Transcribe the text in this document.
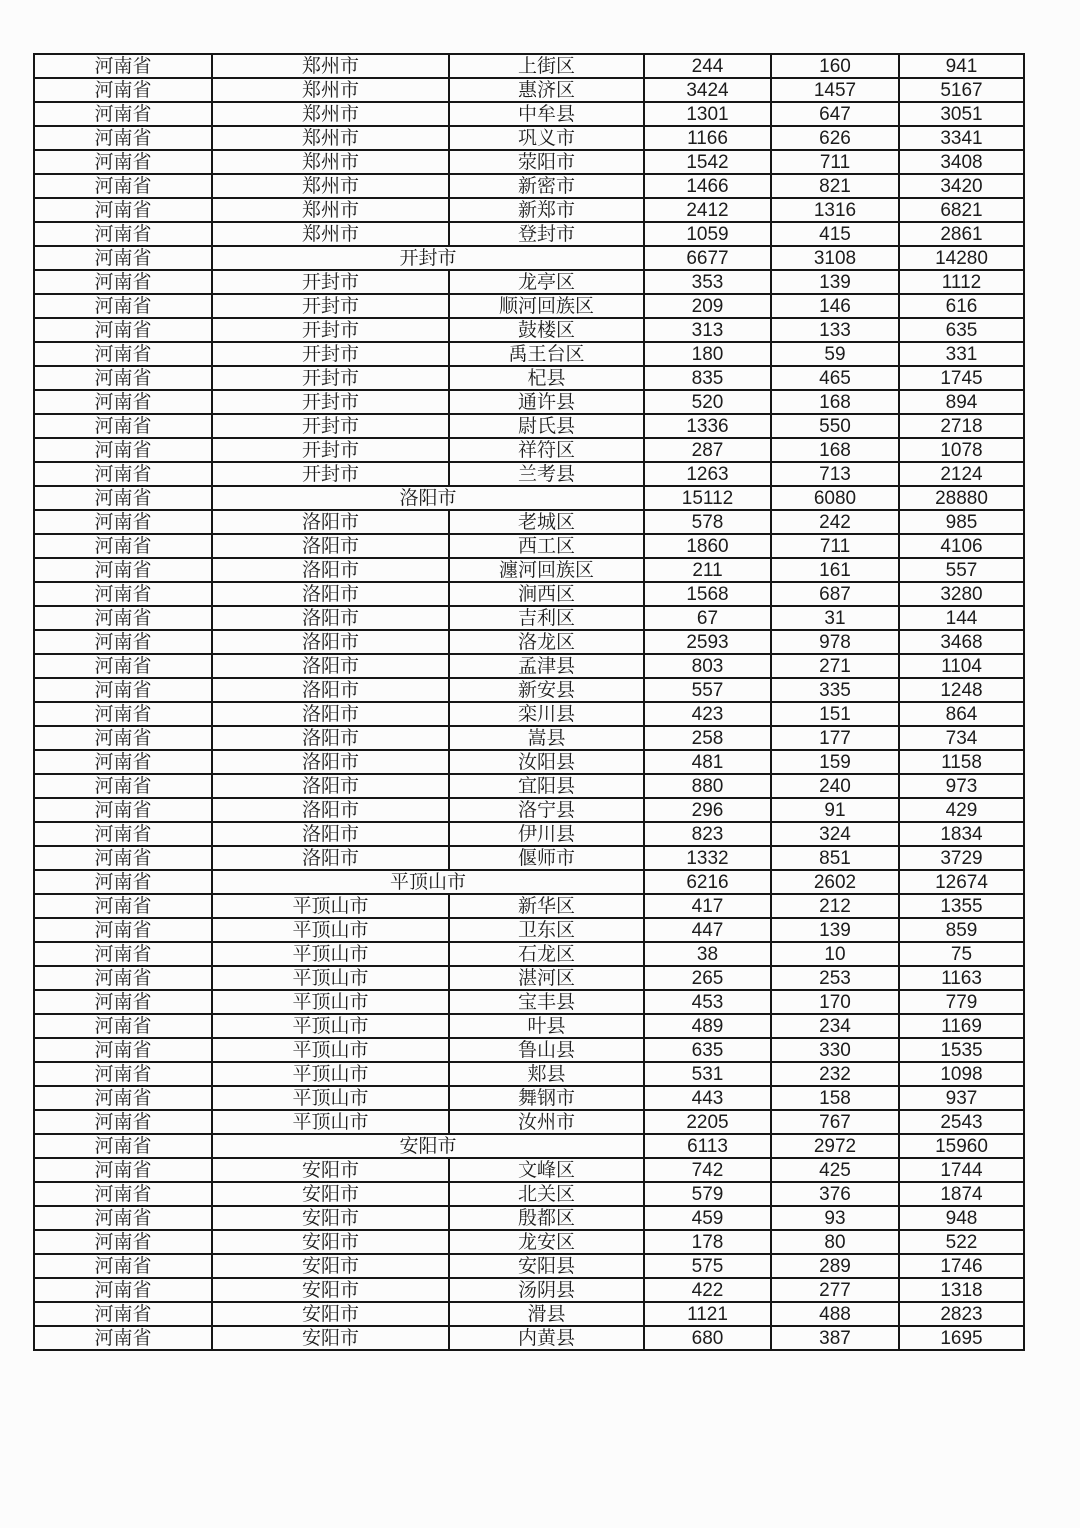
河南省	郑州市	上街区	244	160	941
河南省	郑州市	惠济区	3424	1457	5167
河南省	郑州市	中牟县	1301	647	3051
河南省	郑州市	巩义市	1166	626	3341
河南省	郑州市	荥阳市	1542	711	3408
河南省	郑州市	新密市	1466	821	3420
河南省	郑州市	新郑市	2412	1316	6821
河南省	郑州市	登封市	1059	415	2861
河南省	开封市		6677	3108	14280
河南省	开封市	龙亭区	353	139	1112
河南省	开封市	顺河回族区	209	146	616
河南省	开封市	鼓楼区	313	133	635
河南省	开封市	禹王台区	180	59	331
河南省	开封市	杞县	835	465	1745
河南省	开封市	通许县	520	168	894
河南省	开封市	尉氏县	1336	550	2718
河南省	开封市	祥符区	287	168	1078
河南省	开封市	兰考县	1263	713	2124
河南省	洛阳市		15112	6080	28880
河南省	洛阳市	老城区	578	242	985
河南省	洛阳市	西工区	1860	711	4106
河南省	洛阳市	瀍河回族区	211	161	557
河南省	洛阳市	涧西区	1568	687	3280
河南省	洛阳市	吉利区	67	31	144
河南省	洛阳市	洛龙区	2593	978	3468
河南省	洛阳市	孟津县	803	271	1104
河南省	洛阳市	新安县	557	335	1248
河南省	洛阳市	栾川县	423	151	864
河南省	洛阳市	嵩县	258	177	734
河南省	洛阳市	汝阳县	481	159	1158
河南省	洛阳市	宜阳县	880	240	973
河南省	洛阳市	洛宁县	296	91	429
河南省	洛阳市	伊川县	823	324	1834
河南省	洛阳市	偃师市	1332	851	3729
河南省	平顶山市		6216	2602	12674
河南省	平顶山市	新华区	417	212	1355
河南省	平顶山市	卫东区	447	139	859
河南省	平顶山市	石龙区	38	10	75
河南省	平顶山市	湛河区	265	253	1163
河南省	平顶山市	宝丰县	453	170	779
河南省	平顶山市	叶县	489	234	1169
河南省	平顶山市	鲁山县	635	330	1535
河南省	平顶山市	郏县	531	232	1098
河南省	平顶山市	舞钢市	443	158	937
河南省	平顶山市	汝州市	2205	767	2543
河南省	安阳市		6113	2972	15960
河南省	安阳市	文峰区	742	425	1744
河南省	安阳市	北关区	579	376	1874
河南省	安阳市	殷都区	459	93	948
河南省	安阳市	龙安区	178	80	522
河南省	安阳市	安阳县	575	289	1746
河南省	安阳市	汤阴县	422	277	1318
河南省	安阳市	滑县	1121	488	2823
河南省	安阳市	内黄县	680	387	1695
